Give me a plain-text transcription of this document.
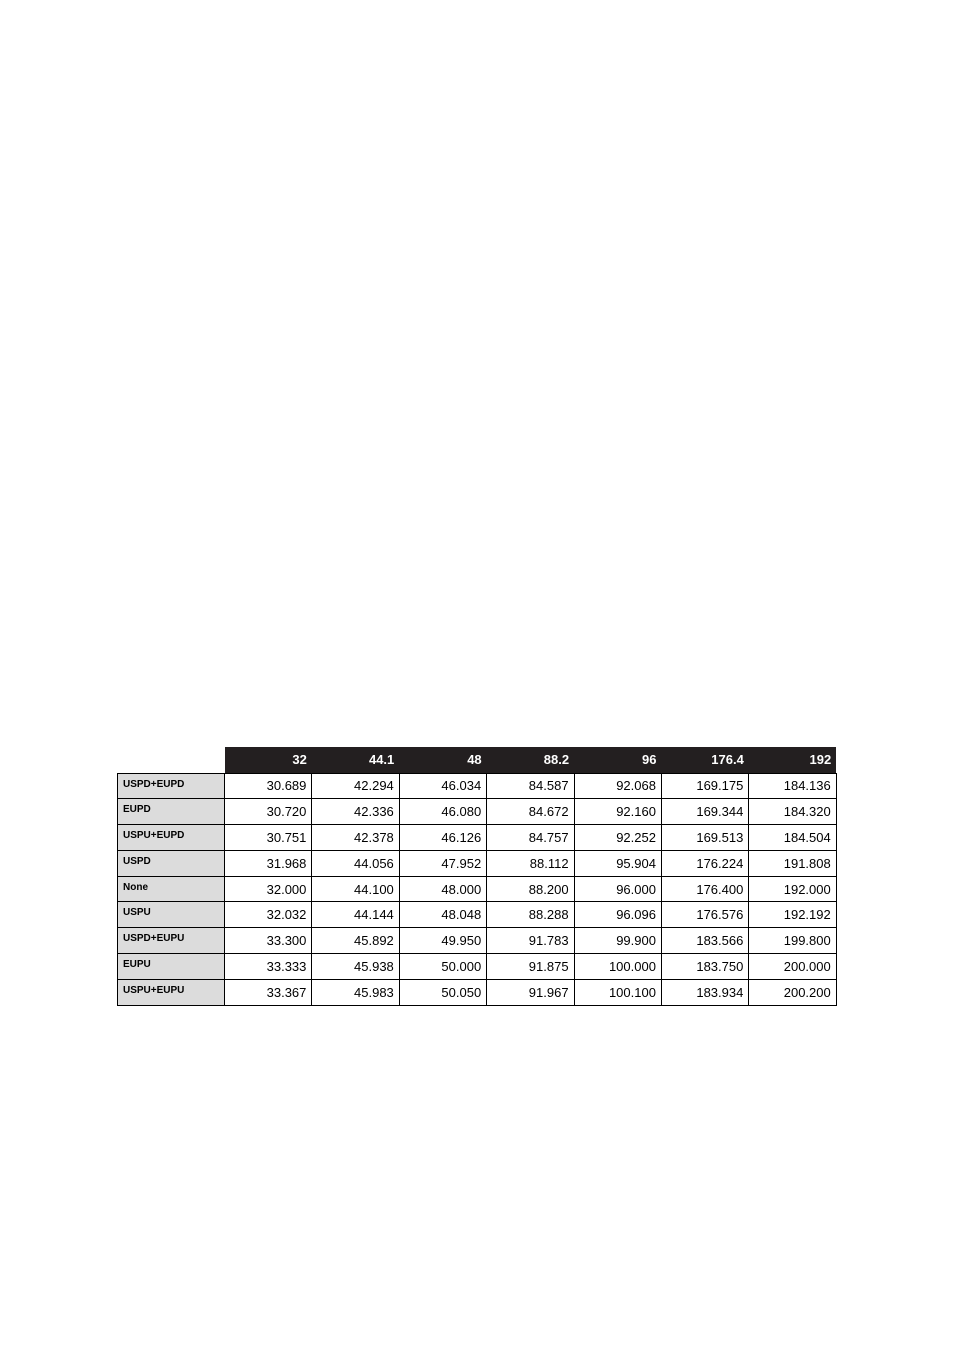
	32	44.1	48	88.2	96	176.4	192
USPD+EUPD	30.689	42.294	46.034	84.587	92.068	169.175	184.136
EUPD	30.720	42.336	46.080	84.672	92.160	169.344	184.320
USPU+EUPD	30.751	42.378	46.126	84.757	92.252	169.513	184.504
USPD	31.968	44.056	47.952	88.112	95.904	176.224	191.808
None	32.000	44.100	48.000	88.200	96.000	176.400	192.000
USPU	32.032	44.144	48.048	88.288	96.096	176.576	192.192
USPD+EUPU	33.300	45.892	49.950	91.783	99.900	183.566	199.800
EUPU	33.333	45.938	50.000	91.875	100.000	183.750	200.000
USPU+EUPU	33.367	45.983	50.050	91.967	100.100	183.934	200.200
